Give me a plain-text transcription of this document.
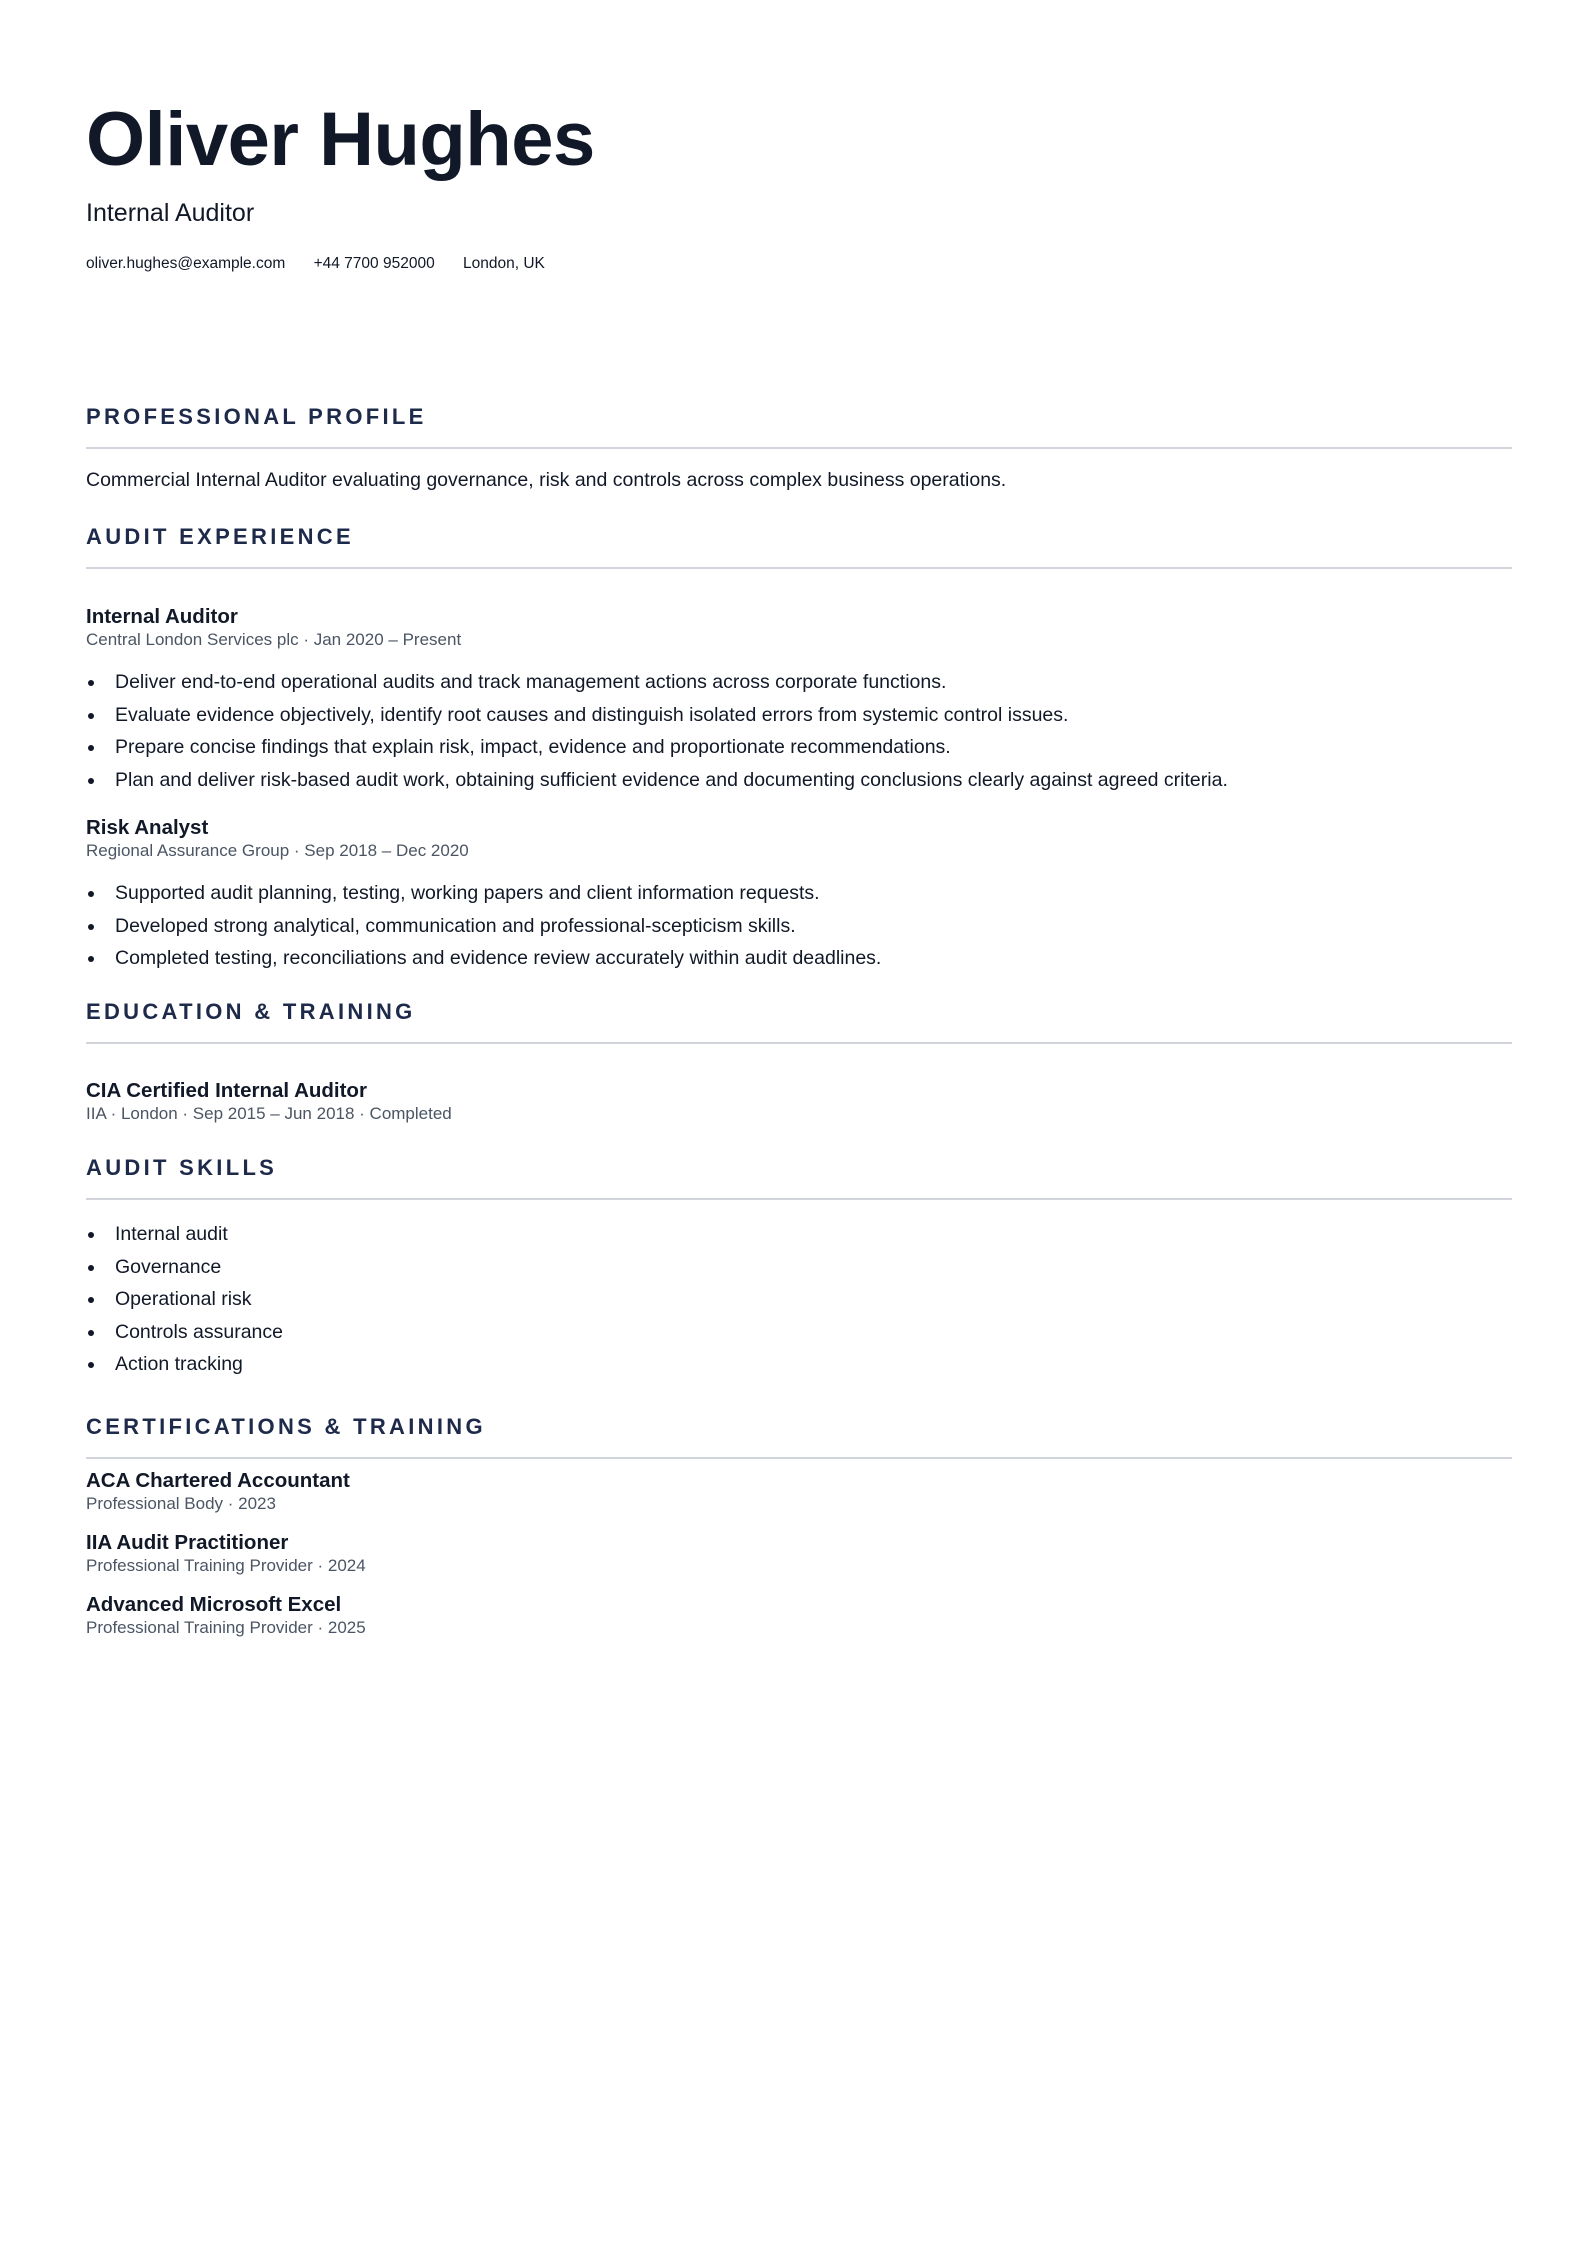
Oliver Hughes
Internal Auditor
oliver.hughes@example.com +44 7700 952000 London, UK
PROFESSIONAL PROFILE
Commercial Internal Auditor evaluating governance, risk and controls across complex business operations.
AUDIT EXPERIENCE
Internal Auditor
Central London Services plc · Jan 2020 – Present
Deliver end-to-end operational audits and track management actions across corporate functions.
Evaluate evidence objectively, identify root causes and distinguish isolated errors from systemic control issues.
Prepare concise findings that explain risk, impact, evidence and proportionate recommendations.
Plan and deliver risk-based audit work, obtaining sufficient evidence and documenting conclusions clearly against agreed criteria.
Risk Analyst
Regional Assurance Group · Sep 2018 – Dec 2020
Supported audit planning, testing, working papers and client information requests.
Developed strong analytical, communication and professional-scepticism skills.
Completed testing, reconciliations and evidence review accurately within audit deadlines.
EDUCATION & TRAINING
CIA Certified Internal Auditor
IIA · London · Sep 2015 – Jun 2018 · Completed
AUDIT SKILLS
Internal audit
Governance
Operational risk
Controls assurance
Action tracking
CERTIFICATIONS & TRAINING
ACA Chartered Accountant
Professional Body · 2023
IIA Audit Practitioner
Professional Training Provider · 2024
Advanced Microsoft Excel
Professional Training Provider · 2025
